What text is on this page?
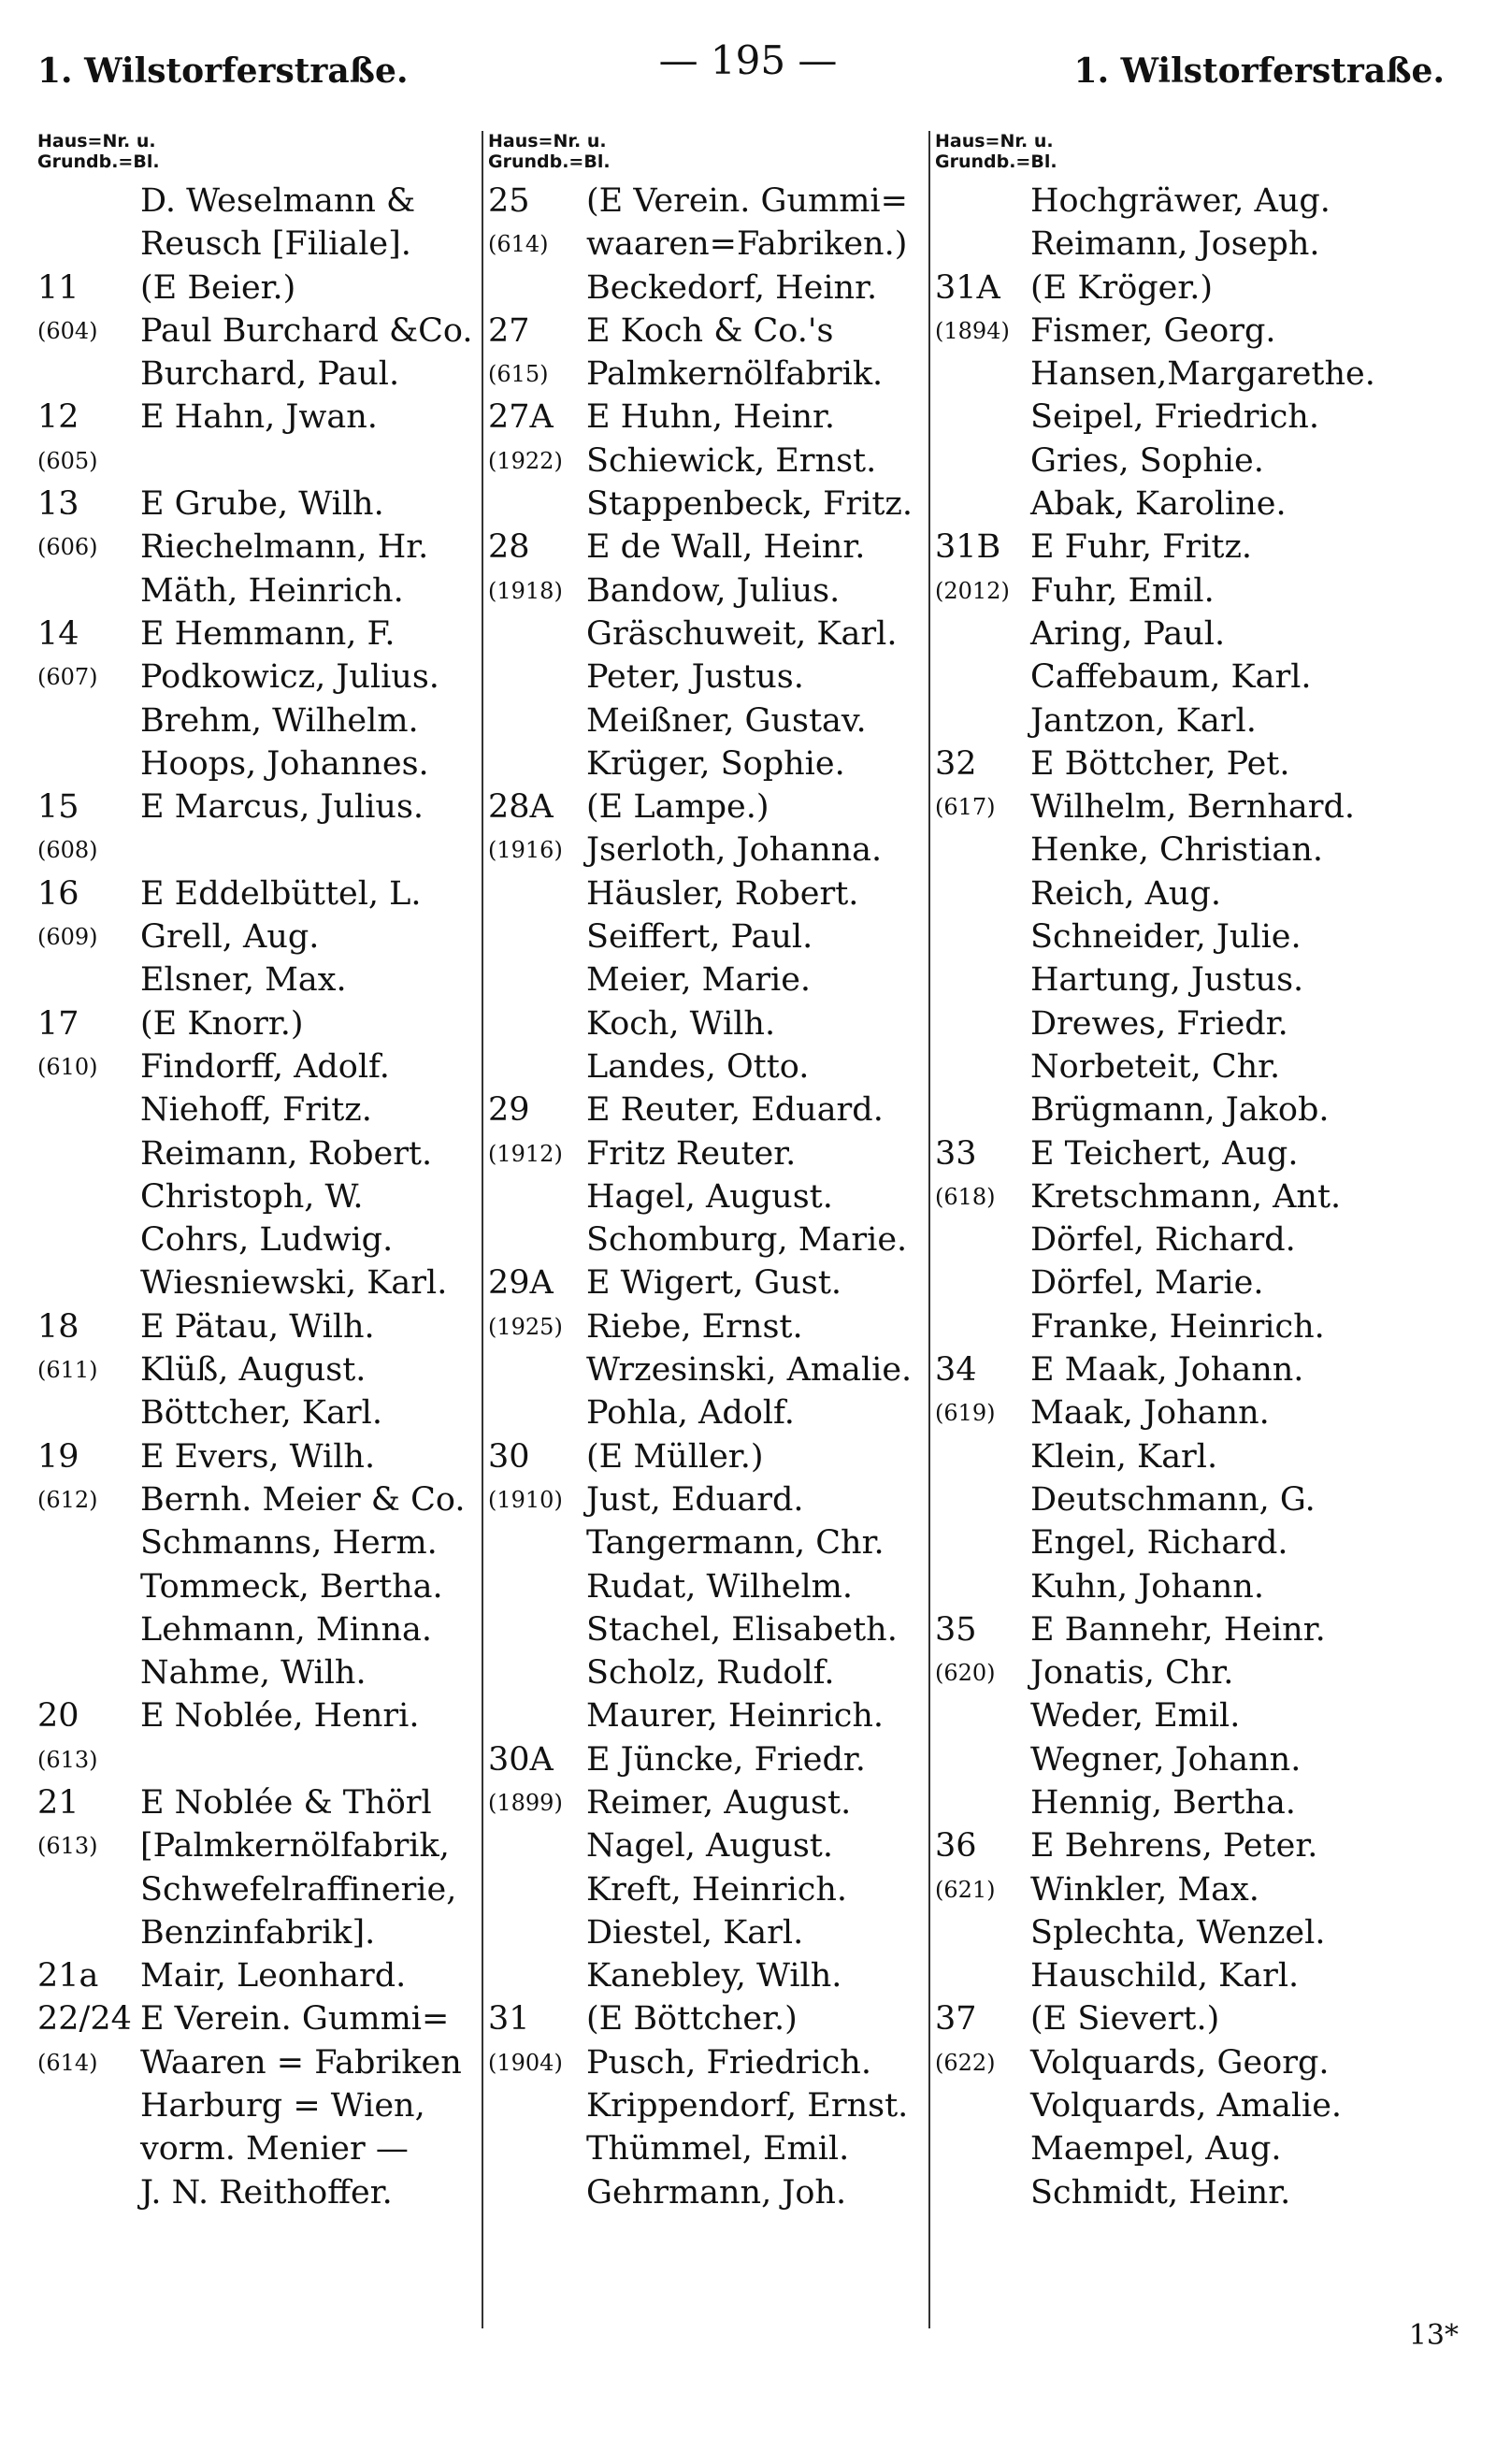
1. Wilstorferstraße.	— 195 —	1. Wilstorferstraße.
Haus=Nr. u.
Grundb.=Bl.
D. Weselmann &
Reusch [Filiale].
11	(E Beier.)
(604)	Paul Burchard &Co.
Burchard, Paul.
12	E Hahn, Jwan.
(605)
13	E Grube, Wilh.
(606)	Riechelmann, Hr.
Mäth, Heinrich.
14	E Hemmann, F.
(607)	Podkowicz, Julius.
Brehm, Wilhelm.
Hoops, Johannes.
15	E Marcus, Julius.
(608)
16	E Eddelbüttel, L.
(609)	Grell, Aug.
Elsner, Max.
17	(E Knorr.)
(610)	Findorff, Adolf.
Niehoff, Fritz.
Reimann, Robert.
Christoph, W.
Cohrs, Ludwig.
Wiesniewski, Karl.
18	E Pätau, Wilh.
(611)	Klüß, August.
Böttcher, Karl.
19	E Evers, Wilh.
(612)	Bernh. Meier & Co.
Schmanns, Herm.
Tommeck, Bertha.
Lehmann, Minna.
Nahme, Wilh.
20	E Noblée, Henri.
(613)
21	E Noblée & Thörl
(613)	[Palmkernölfabrik,
Schwefelraffinerie,
Benzinfabrik].
21a	Mair, Leonhard.
22/24 E Verein. Gummi=
(614)	Waaren = Fabriken
Harburg = Wien,
vorm. Menier —
J. N. Reithoffer.
Haus=Nr. u.
Grundb.=Bl.
25	(E Verein. Gummi=
(614)	waaren=Fabriken.)
Beckedorf, Heinr.
27	E Koch & Co.'s
(615)	Palmkernölfabrik.
27A	E Huhn, Heinr.
(1922) Schiewick, Ernst.
Stappenbeck, Fritz.
28	E de Wall, Heinr.
(1918) Bandow, Julius.
Gräschuweit, Karl.
Peter, Justus.
Meißner, Gustav.
Krüger, Sophie.
28A	(E Lampe.)
(1916) Jserloth, Johanna.
Häusler, Robert.
Seiffert, Paul.
Meier, Marie.
Koch, Wilh.
Landes, Otto.
29	E Reuter, Eduard.
(1912) Fritz Reuter.
Hagel, August.
Schomburg, Marie.
29A	E Wigert, Gust.
(1925) Riebe, Ernst.
Wrzesinski, Amalie.
Pohla, Adolf.
30	(E Müller.)
(1910) Just, Eduard.
Tangermann, Chr.
Rudat, Wilhelm.
Stachel, Elisabeth.
Scholz, Rudolf.
Maurer, Heinrich.
30A	E Jüncke, Friedr.
(1899) Reimer, August.
Nagel, August.
Kreft, Heinrich.
Diestel, Karl.
Kanebley, Wilh.
31	(E Böttcher.)
(1904) Pusch, Friedrich.
Krippendorf, Ernst.
Thümmel, Emil.
Gehrmann, Joh.
Haus=Nr. u.
Grundb.=Bl.
Hochgräwer, Aug.
Reimann, Joseph.
31A (E Kröger.)
(1894) Fismer, Georg.
Hansen,Margarethe.
Seipel, Friedrich.
Gries, Sophie.
Abak, Karoline.
31B E Fuhr, Fritz.
(2012) Fuhr, Emil.
Aring, Paul.
Caffebaum, Karl.
Jantzon, Karl.
32	E Böttcher, Pet.
(617)	Wilhelm, Bernhard.
Henke, Christian.
Reich, Aug.
Schneider, Julie.
Hartung, Justus.
Drewes, Friedr.
Norbeteit, Chr.
Brügmann, Jakob.
33	E Teichert, Aug.
(618)	Kretschmann, Ant.
Dörfel, Richard.
Dörfel, Marie.
Franke, Heinrich.
34	E Maak, Johann.
(619)	Maak, Johann.
Klein, Karl.
Deutschmann, G.
Engel, Richard.
Kuhn, Johann.
35	E Bannehr, Heinr.
(620)	Jonatis, Chr.
Weder, Emil.
Wegner, Johann.
Hennig, Bertha.
36	E Behrens, Peter.
(621)	Winkler, Max.
Splechta, Wenzel.
Hauschild, Karl.
37	(E Sievert.)
(622)	Volquards, Georg.
Volquards, Amalie.
Maempel, Aug.
Schmidt, Heinr.
13*
